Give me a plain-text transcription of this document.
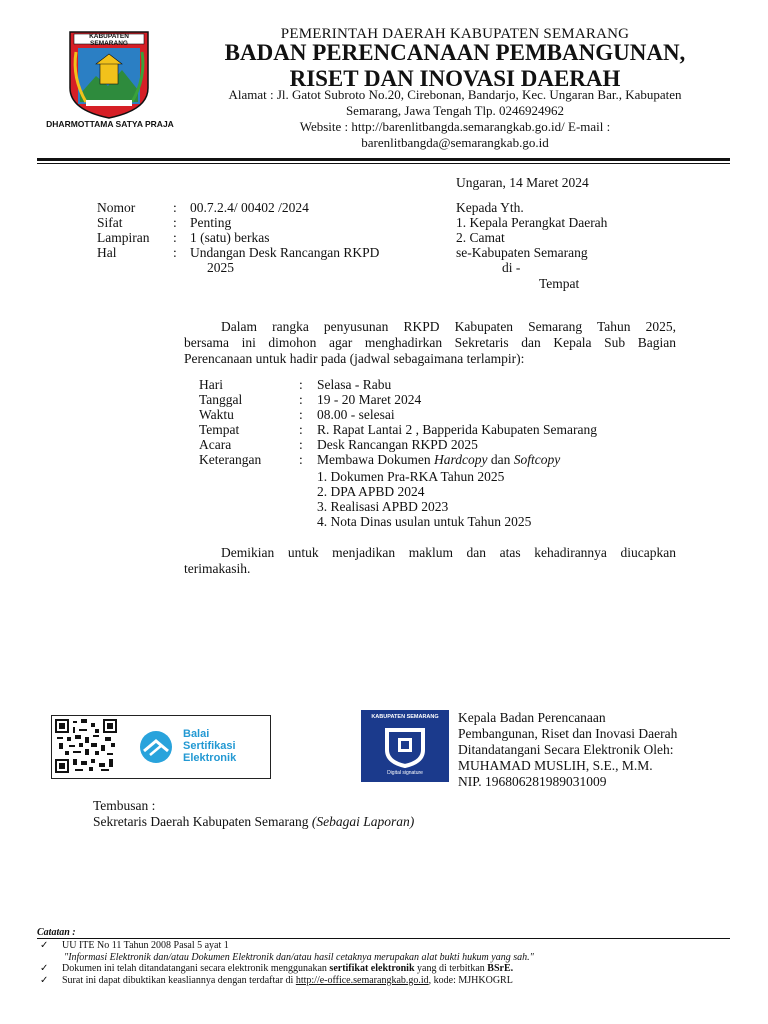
KABUPATEN SEMARANG
DHARMOTTAMA SATYA PRAJA
PEMERINTAH DAERAH KABUPATEN SEMARANG
BADAN PERENCANAAN PEMBANGUNAN,
RISET DAN INOVASI DAERAH
Alamat : Jl. Gatot Subroto No.20, Cirebonan, Bandarjo, Kec. Ungaran Bar., Kabupaten
Semarang, Jawa Tengah Tlp. 0246924962
Website : http://barenlitbangda.semarangkab.go.id/ E-mail :
barenlitbangda@semarangkab.go.id
Ungaran, 14 Maret 2024
Nomor	: 00.7.2.4/ 00402 /2024
Sifat	: Penting
Lampiran	: 1 (satu) berkas
Hal	: Undangan Desk Rancangan RKPD
2025
Kepada Yth.
1. Kepala Perangkat Daerah
2. Camat
se-Kabupaten Semarang
di -
Tempat
Dalam rangka penyusunan RKPD Kabupaten Semarang Tahun 2025,
bersama ini dimohon agar menghadirkan Sekretaris dan Kepala Sub Bagian
Perencanaan untuk hadir pada (jadwal sebagaimana terlampir):
Hari	: Selasa - Rabu
Tanggal	: 19 - 20 Maret 2024
Waktu	: 08.00 - selesai
Tempat	: R. Rapat Lantai 2 , Bapperida Kabupaten Semarang
Acara	: Desk Rancangan RKPD 2025
Keterangan	: Membawa Dokumen Hardcopy dan Softcopy
1. Dokumen Pra-RKA Tahun 2025
2. DPA APBD 2024
3. Realisasi APBD 2023
4. Nota Dinas usulan untuk Tahun 2025
Demikian untuk menjadikan maklum dan atas kehadirannya diucapkan
terimakasih.
Balai
Sertifikasi
Elektronik
KABUPATEN SEMARANG
Digital signature
Kepala Badan Perencanaan
Pembangunan, Riset dan Inovasi Daerah
Ditandatangani Secara Elektronik Oleh:
MUHAMAD MUSLIH, S.E., M.M.
NIP. 196806281989031009
Tembusan :
Sekretaris Daerah Kabupaten Semarang (Sebagai Laporan)
Catatan :
✓ UU ITE No 11 Tahun 2008 Pasal 5 ayat 1
"Informasi Elektronik dan/atau Dokumen Elektronik dan/atau hasil cetaknya merupakan alat bukti hukum yang sah."
✓ Dokumen ini telah ditandatangani secara elektronik menggunakan sertifikat elektronik yang di terbitkan BSrE.
✓ Surat ini dapat dibuktikan keasliannya dengan terdaftar di http://e-office.semarangkab.go.id, kode: MJHKOGRL
